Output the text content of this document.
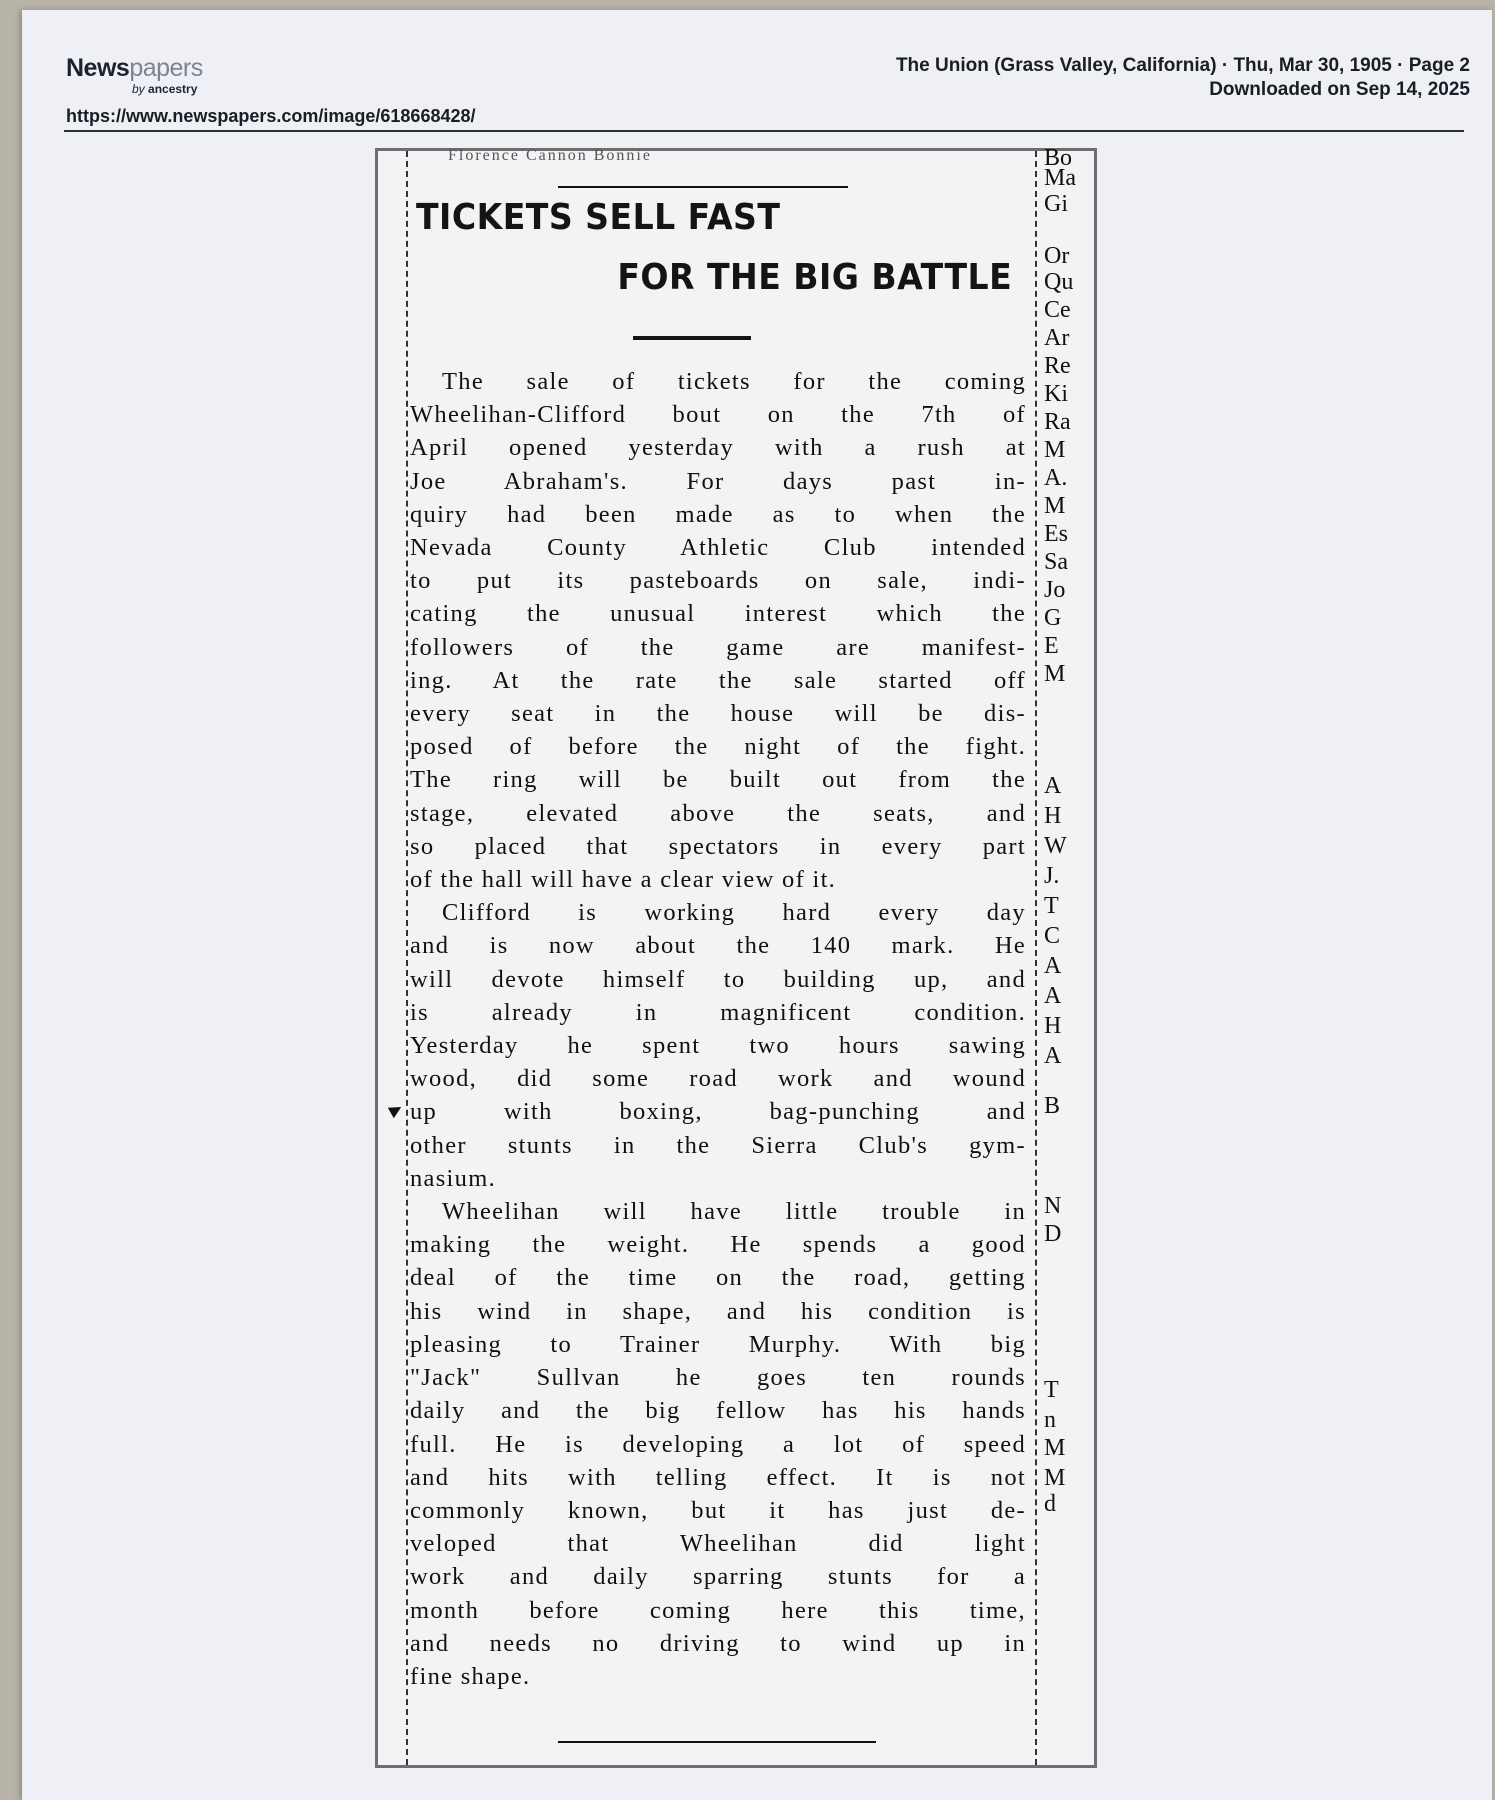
Newspapers
by ancestry
https://www.newspapers.com/image/618668428/
The Union (Grass Valley, California) · Thu, Mar 30, 1905 · Page 2
Downloaded on Sep 14, 2025
Florence Cannon Bonnie
TICKETS SELL FAST
FOR THE BIG BATTLE
The sale of tickets for the coming
Wheelihan-Clifford bout on the 7th of
April opened yesterday with a rush at
Joe Abraham's. For days past in-
quiry had been made as to when the
Nevada County Athletic Club intended
to put its pasteboards on sale, indi-
cating the unusual interest which the
followers of the game are manifest-
ing. At the rate the sale started off
every seat in the house will be dis-
posed of before the night of the fight.
The ring will be built out from the
stage, elevated above the seats, and
so placed that spectators in every part
of the hall will have a clear view of it.
Clifford is working hard every day
and is now about the 140 mark. He
will devote himself to building up, and
is already in magnificent condition.
Yesterday he spent two hours sawing
wood, did some road work and wound
up with boxing, bag-punching and
other stunts in the Sierra Club's gym-
nasium.
Wheelihan will have little trouble in
making the weight. He spends a good
deal of the time on the road, getting
his wind in shape, and his condition is
pleasing to Trainer Murphy. With big
"Jack" Sullvan he goes ten rounds
daily and the big fellow has his hands
full. He is developing a lot of speed
and hits with telling effect. It is not
commonly known, but it has just de-
veloped that Wheelihan did light
work and daily sparring stunts for a
month before coming here this time,
and needs no driving to wind up in
fine shape.
Bo
Ma
Gi
Or
Qu
Ce
Ar
Re
Ki
Ra
M
A.
M
Es
Sa
Jo
G
E
M
A
H
W
J.
T
C
A
A
H
A
B
N
D
T
n
M
M
d
